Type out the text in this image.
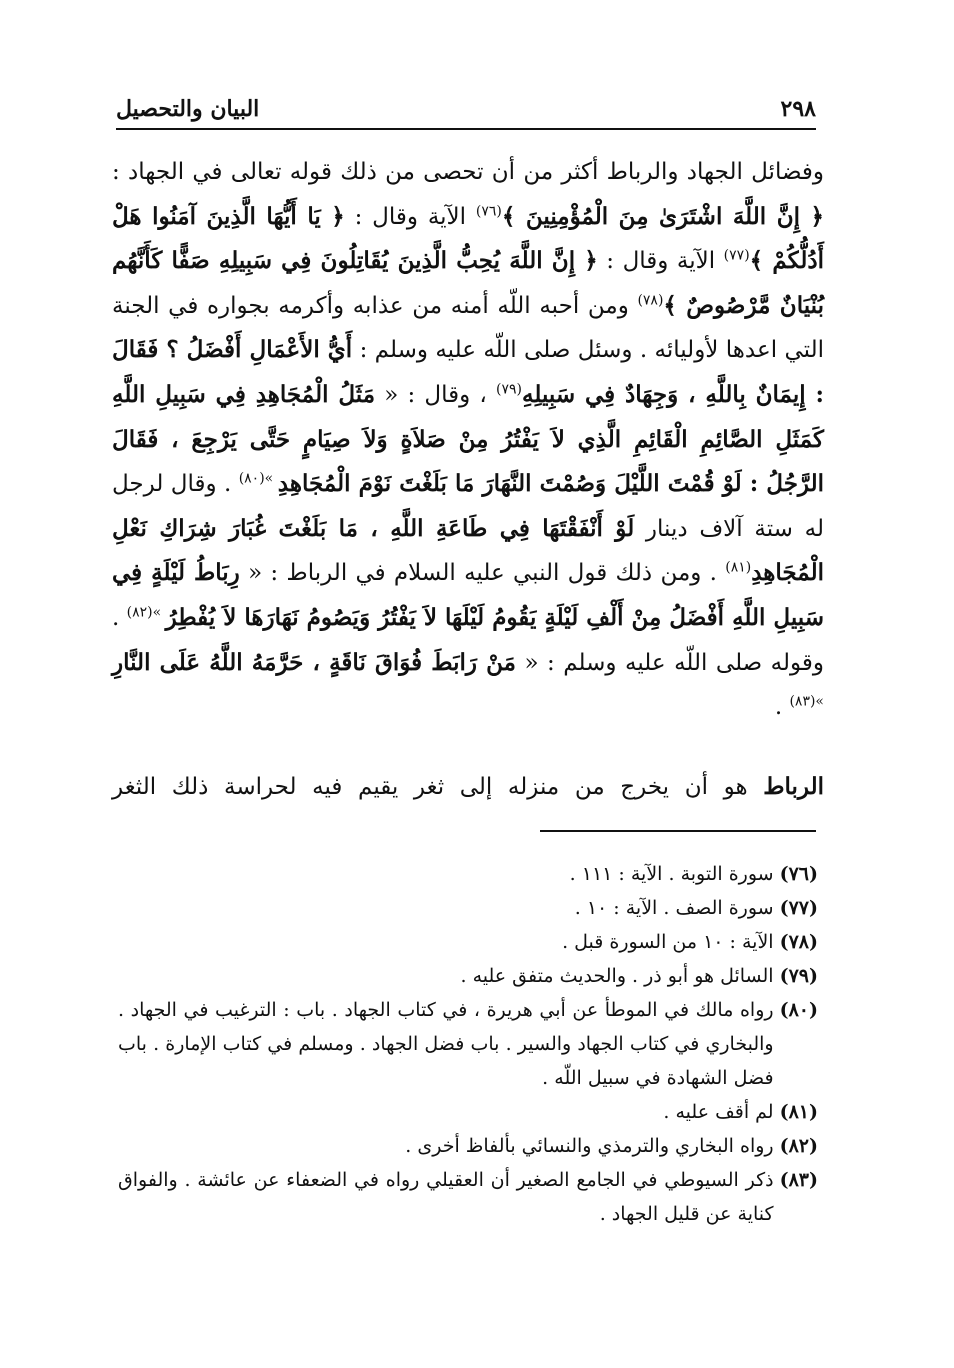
٢٩٨
البيان والتحصيل

وفضائل الجهاد والرباط أكثر من أن تحصى من ذلك قوله تعالى في الجهاد : ﴿ إِنَّ اللَّهَ اشْتَرَىٰ مِنَ الْمُؤْمِنِينَ ﴾$^{(٧٦)}$ الآية وقال : ﴿ يَا أَيُّهَا الَّذِينَ آمَنُوا هَلْ أَدُلُّكُمْ ﴾$^{(٧٧)}$ الآية وقال : ﴿ إِنَّ اللَّهَ يُحِبُّ الَّذِينَ يُقَاتِلُونَ فِي سَبِيلِهِ صَفًّا كَأَنَّهُم بُنْيَانٌ مَّرْصُوصٌ ﴾$^{(٧٨)}$ ومن أحبه اللّه أمنه من عذابه وأكرمه بجواره في الجنة التي اعدها لأوليائه . وسئل صلى اللّه عليه وسلم : أَيُّ الأَعْمَالِ أَفْضَلُ ؟ فَقَالَ : إِيمَانٌ بِاللَّهِ ، وَجِهَادٌ فِي سَبِيلِهِ$^{(٧٩)}$ ، وقال : « مَثَلُ الْمُجَاهِدِ فِي سَبِيلِ اللَّهِ كَمَثَلِ الصَّائِمِ الْقَائِمِ الَّذِي لاَ يَفْتُرُ مِنْ صَلاَةٍ وَلاَ صِيَامٍ حَتَّى يَرْجِعَ ، فَقَالَ الرَّجُلُ : لَوْ قُمْتَ اللَّيْلَ وَصُمْتَ النَّهَارَ مَا بَلَغْتَ نَوْمَ الْمُجَاهِدِ $^{»(٨٠)}$ . وقال لرجل له ستة آلاف دينار لَوْ أَنْفَقْتَهَا فِي طَاعَةِ اللَّهِ ، مَا بَلَغْتَ غُبَارَ شِرَاكِ نَعْلِ الْمُجَاهِدِ$^{(٨١)}$ . ومن ذلك قول النبي عليه السلام في الرباط : « رِبَاطُ لَيْلَةٍ فِي سَبِيلِ اللَّهِ أَفْضَلُ مِنْ أَلْفِ لَيْلَةٍ يَقُومُ لَيْلَهَا لاَ يَفْتُرُ وَيَصُومُ نَهَارَهَا لاَ يُفْطِرُ $^{»(٨٢)}$ . وقوله صلى اللّه عليه وسلم : « مَنْ رَابَطَ فُوَاقَ نَاقَةٍ ، حَرَّمَهُ اللَّهُ عَلَى النَّارِ $^{»(٨٣)}$ .

الرباط هو أن يخرج من منزله إلى ثغر يقيم فيه لحراسة ذلك الثغر

(٧٦)
سورة التوبة . الآية : ١١١ .
(٧٧)
سورة الصف . الآية : ١٠ .
(٧٨)
الآية : ١٠ من السورة قبل .
(٧٩)
السائل هو أبو ذر . والحديث متفق عليه .
(٨٠)
رواه مالك في الموطأ عن أبي هريرة ، في كتاب الجهاد . باب : الترغيب في الجهاد . والبخاري في كتاب الجهاد والسير . باب فضل الجهاد . ومسلم في كتاب الإمارة . باب فضل الشهادة في سبيل اللّه .
(٨١)
لم أقف عليه .
(٨٢)
رواه البخاري والترمذي والنسائي بألفاظ أخرى .
(٨٣)
ذكر السيوطي في الجامع الصغير أن العقيلي رواه في الضعفاء عن عائشة . والفواق كناية عن قليل الجهاد .
